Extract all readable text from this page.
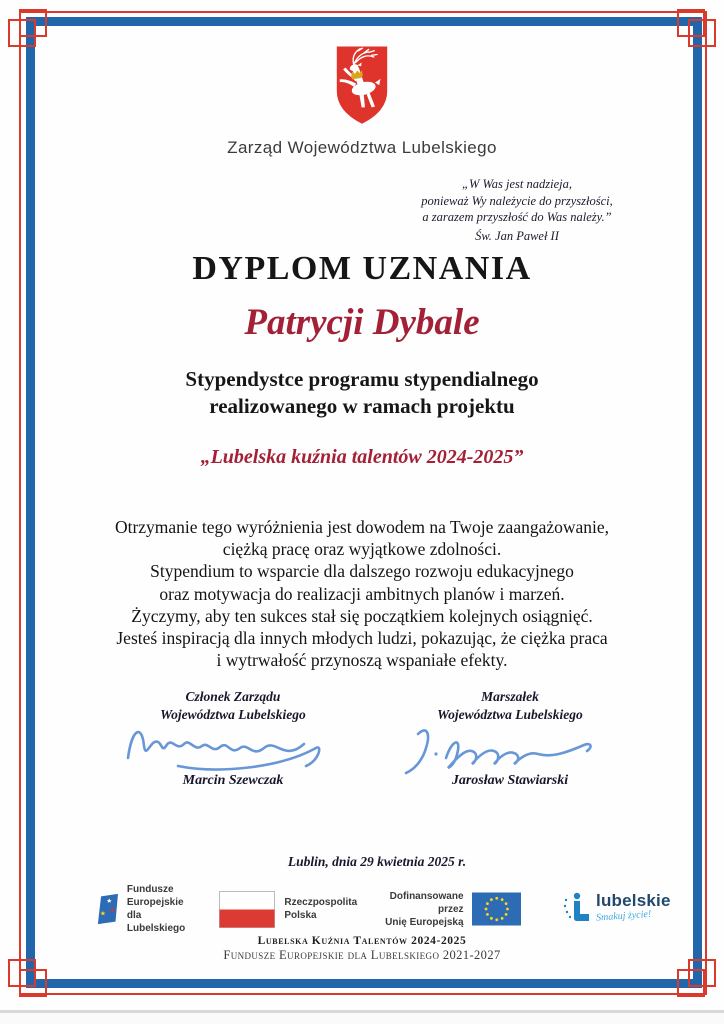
Zarząd Województwa Lubelskiego
„W Was jest nadzieja,
ponieważ Wy należycie do przyszłości,
a zarazem przyszłość do Was należy.”
Św. Jan Paweł II
DYPLOM UZNANIA
Patrycji Dybale
Stypendystce programu stypendialnego
realizowanego w ramach projektu
„Lubelska kuźnia talentów 2024-2025”
Otrzymanie tego wyróżnienia jest dowodem na Twoje zaangażowanie,
ciężką pracę oraz wyjątkowe zdolności.
Stypendium to wsparcie dla dalszego rozwoju edukacyjnego
oraz motywacja do realizacji ambitnych planów i marzeń.
Życzymy, aby ten sukces stał się początkiem kolejnych osiągnięć.
Jesteś inspiracją dla innych młodych ludzi, pokazując, że ciężka praca
i wytrwałość przynoszą wspaniałe efekty.
Członek Zarządu
Województwa Lubelskiego
Marcin Szewczak
Marszałek
Województwa Lubelskiego
Jarosław Stawiarski
Lublin, dnia 29 kwietnia 2025 r.
Fundusze Europejskie
dla Lubelskiego
Rzeczpospolita
Polska
Dofinansowane przez
Unię Europejską
lubelskie
Smakuj życie!
Lubelska Kuźnia Talentów 2024-2025
Fundusze Europejskie dla Lubelskiego 2021-2027
